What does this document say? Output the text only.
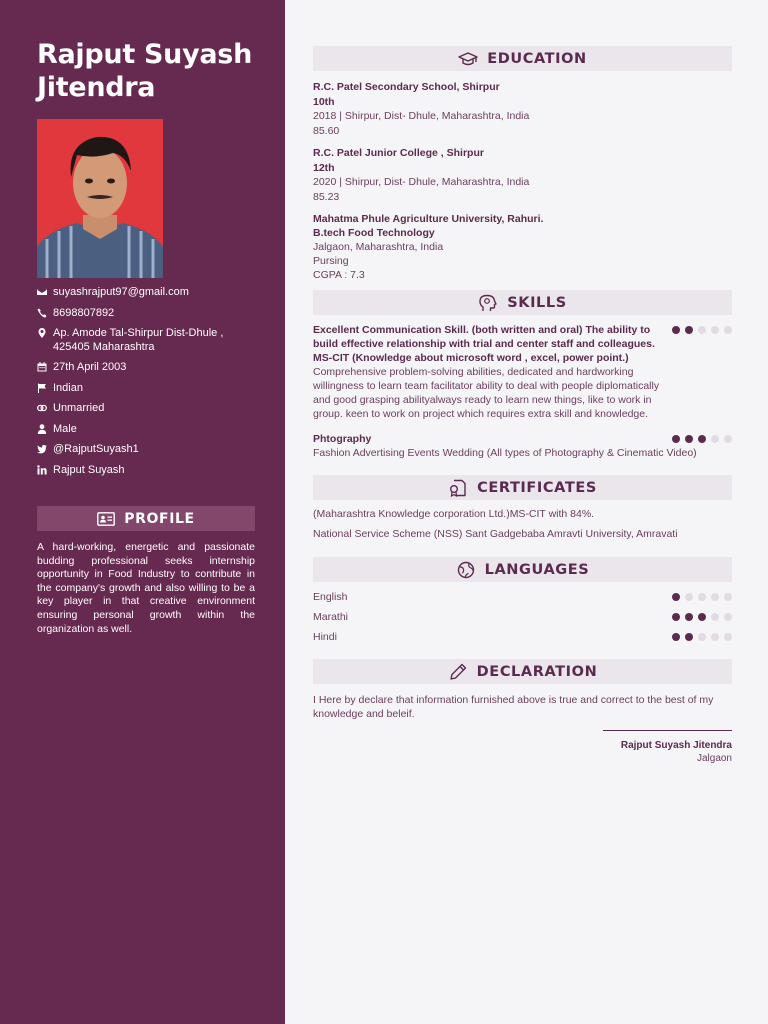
Rajput Suyash
Jitendra
suyashrajput97@gmail.com
8698807892
Ap. Amode Tal-Shirpur Dist-Dhule ,
425405 Maharashtra
27th April 2003
Indian
Unmarried
Male
@RajputSuyash1
Rajput Suyash
PROFILE

A hard-working, energetic and passionate budding professional seeks internship opportunity in Food Industry to contribute in the company's growth and also willing to be a key player in that creative environment ensuring personal growth within the organization as well.

EDUCATION
R.C. Patel Secondary School, Shirpur
10th
2018 | Shirpur, Dist- Dhule, Maharashtra, India
85.60
R.C. Patel Junior College , Shirpur
12th
2020 | Shirpur, Dist- Dhule, Maharashtra, India
85.23
Mahatma Phule Agriculture University, Rahuri.
B.tech Food Technology
Jalgaon, Maharashtra, India
Pursing
CGPA : 7.3
SKILLS
Excellent Communication Skill. (both written and oral) The ability to build effective relationship with trial and center staff and colleagues. MS-CIT (Knowledge about microsoft word , excel, power point.)
Comprehensive problem-solving abilities, dedicated and hardworking willingness to learn team facilitator ability to deal with people diplomatically and good grasping abilityalways ready to learn new things, like to work in group. keen to work on project which requires extra skill and knowledge.
Phtography
Fashion Advertising Events Wedding (All types of Photography & Cinematic Video)
CERTIFICATES
(Maharashtra Knowledge corporation Ltd.)MS-CIT with 84%.
National Service Scheme (NSS) Sant Gadgebaba Amravti University, Amravati
LANGUAGES
English
Marathi
Hindi
DECLARATION

I Here by declare that information furnished above is true and correct to the best of my knowledge and beleif.

Rajput Suyash Jitendra
Jalgaon
